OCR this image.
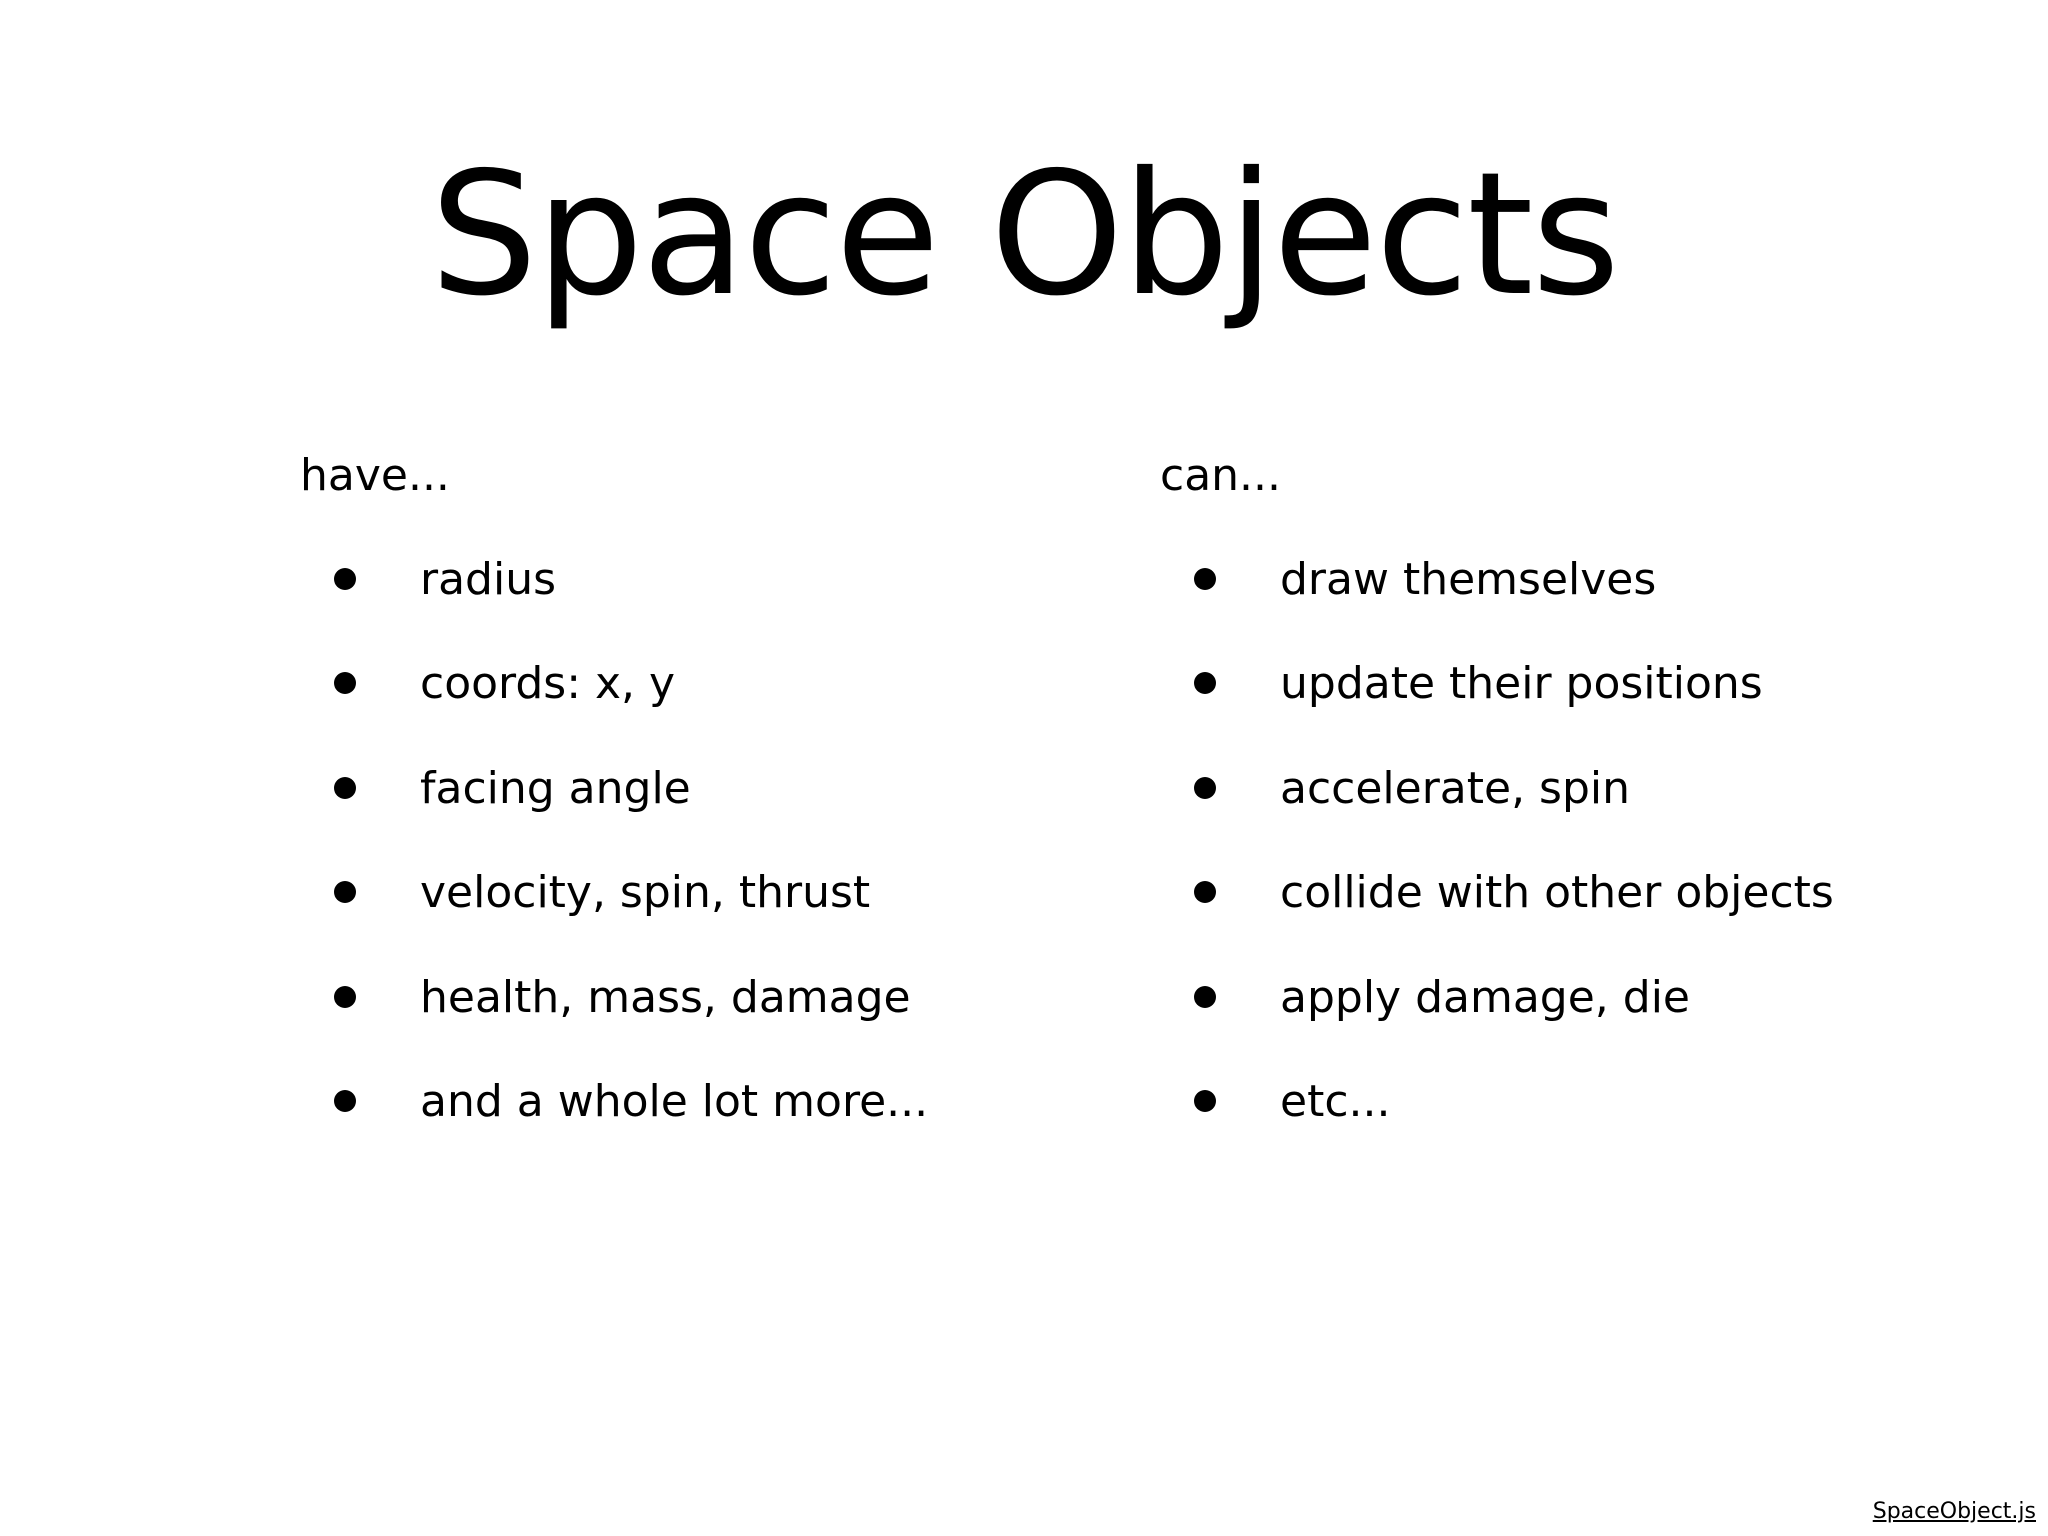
Space Objects
have...
radius
coords: x, y
facing angle
velocity, spin, thrust
health, mass, damage
and a whole lot more...
can...
draw themselves
update their positions
accelerate, spin
collide with other objects
apply damage, die
etc...
SpaceObject.js
